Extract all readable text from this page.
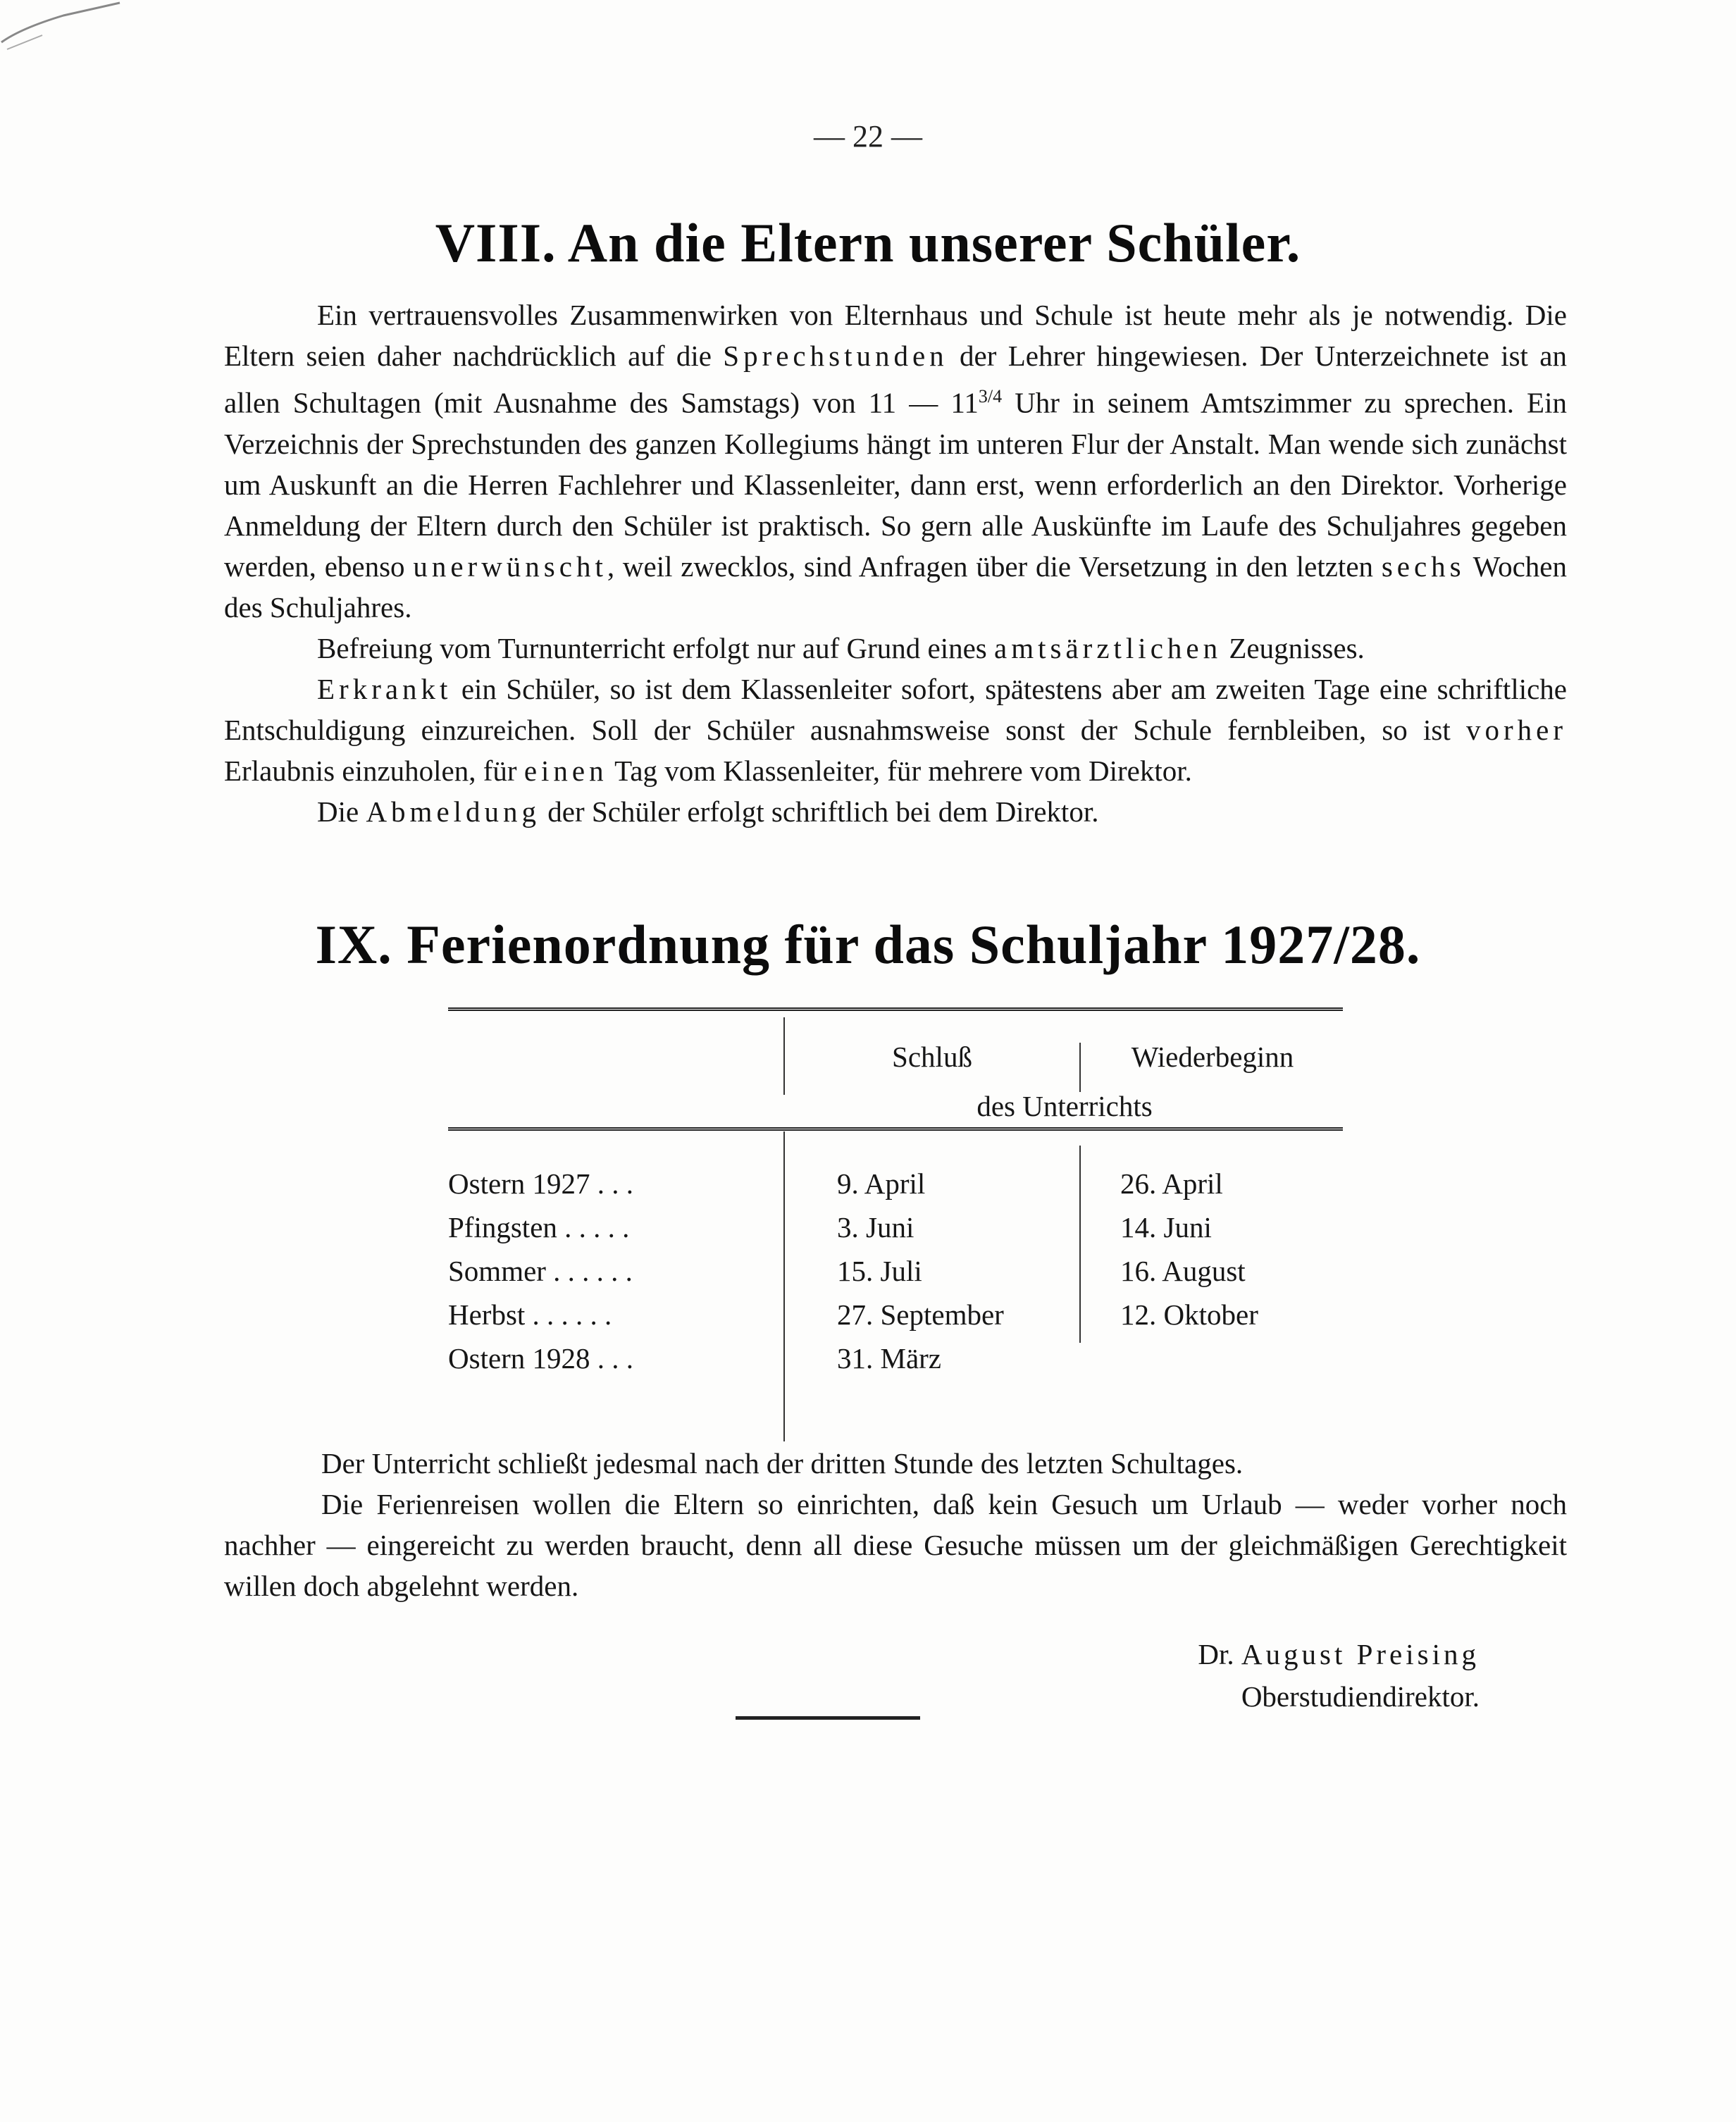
— 22 —
VIII. An die Eltern unserer Schüler.

Ein vertrauensvolles Zusammenwirken von Elternhaus und Schule ist heute mehr als je notwendig. Die Eltern seien daher nachdrücklich auf die Sprechstunden der Lehrer hingewiesen. Der Unterzeichnete ist an allen Schultagen (mit Ausnahme des Samstags) von 11 — $11^{3/4}$ Uhr in seinem Amtszimmer zu sprechen. Ein Verzeichnis der Sprechstunden des ganzen Kollegiums hängt im unteren Flur der Anstalt. Man wende sich zunächst um Auskunft an die Herren Fachlehrer und Klassenleiter, dann erst, wenn erforderlich an den Direktor. Vorherige Anmeldung der Eltern durch den Schüler ist praktisch. So gern alle Auskünfte im Laufe des Schuljahres gegeben werden, ebenso unerwünscht, weil zwecklos, sind Anfragen über die Versetzung in den letzten sechs Wochen des Schuljahres.

Befreiung vom Turnunterricht erfolgt nur auf Grund eines amtsärztlichen Zeugnisses.

Erkrankt ein Schüler, so ist dem Klassenleiter sofort, spätestens aber am zweiten Tage eine schriftliche Entschuldigung einzureichen. Soll der Schüler ausnahmsweise sonst der Schule fernbleiben, so ist vorher Erlaubnis einzuholen, für einen Tag vom Klassenleiter, für mehrere vom Direktor.

Die Abmeldung der Schüler erfolgt schriftlich bei dem Direktor.

IX. Ferienordnung für das Schuljahr 1927/28.
Schluß	Wiederbeginn
des Unterrichts
Ostern 1927 . . .	9. April	26. April
Pfingsten . . . . .	3. Juni	14. Juni
Sommer . . . . . .	15. Juli	16. August
Herbst . . . . . .	27. September	12. Oktober
Ostern 1928 . . .	31. März

Der Unterricht schließt jedesmal nach der dritten Stunde des letzten Schultages.

Die Ferienreisen wollen die Eltern so einrichten, daß kein Gesuch um Urlaub — weder vorher noch nachher — eingereicht zu werden braucht, denn all diese Gesuche müssen um der gleichmäßigen Gerechtigkeit willen doch abgelehnt werden.

Dr. August Preising
Oberstudiendirektor.
